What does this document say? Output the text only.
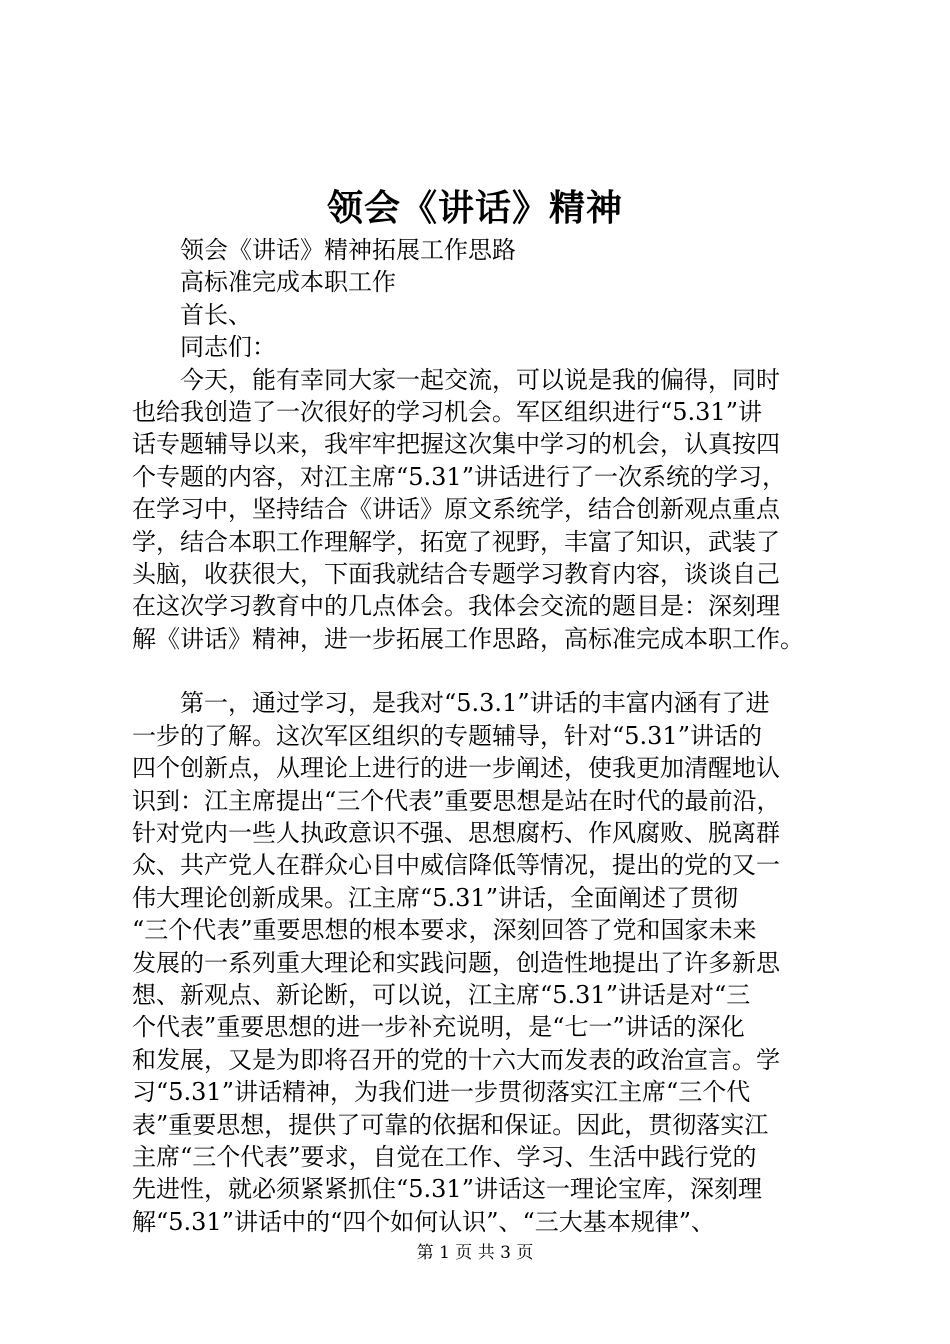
领会《讲话》精神
领会《讲话》精神拓展工作思路
高标准完成本职工作
首长、
同志们：
今天，能有幸同大家一起交流，可以说是我的偏得，同时
也给我创造了一次很好的学习机会。军区组织进行“5.31”讲
话专题辅导以来，我牢牢把握这次集中学习的机会，认真按四
个专题的内容，对江主席“5.31”讲话进行了一次系统的学习，
在学习中，坚持结合《讲话》原文系统学，结合创新观点重点
学，结合本职工作理解学，拓宽了视野，丰富了知识，武装了
头脑，收获很大，下面我就结合专题学习教育内容，谈谈自己
在这次学习教育中的几点体会。我体会交流的题目是：深刻理
解《讲话》精神，进一步拓展工作思路，高标准完成本职工作。
第一，通过学习，是我对“5.3.1”讲话的丰富内涵有了进
一步的了解。这次军区组织的专题辅导，针对“5.31”讲话的
四个创新点，从理论上进行的进一步阐述，使我更加清醒地认
识到：江主席提出“三个代表”重要思想是站在时代的最前沿，
针对党内一些人执政意识不强、思想腐朽、作风腐败、脱离群
众、共产党人在群众心目中威信降低等情况，提出的党的又一
伟大理论创新成果。江主席“5.31”讲话，全面阐述了贯彻
“三个代表”重要思想的根本要求，深刻回答了党和国家未来
发展的一系列重大理论和实践问题，创造性地提出了许多新思
想、新观点、新论断，可以说，江主席“5.31”讲话是对“三
个代表”重要思想的进一步补充说明，是“七一”讲话的深化
和发展，又是为即将召开的党的十六大而发表的政治宣言。学
习“5.31”讲话精神，为我们进一步贯彻落实江主席“三个代
表”重要思想，提供了可靠的依据和保证。因此，贯彻落实江
主席“三个代表”要求，自觉在工作、学习、生活中践行党的
先进性，就必须紧紧抓住“5.31”讲话这一理论宝库，深刻理
解“5.31”讲话中的“四个如何认识”、“三大基本规律”、
第 1 页 共 3 页
